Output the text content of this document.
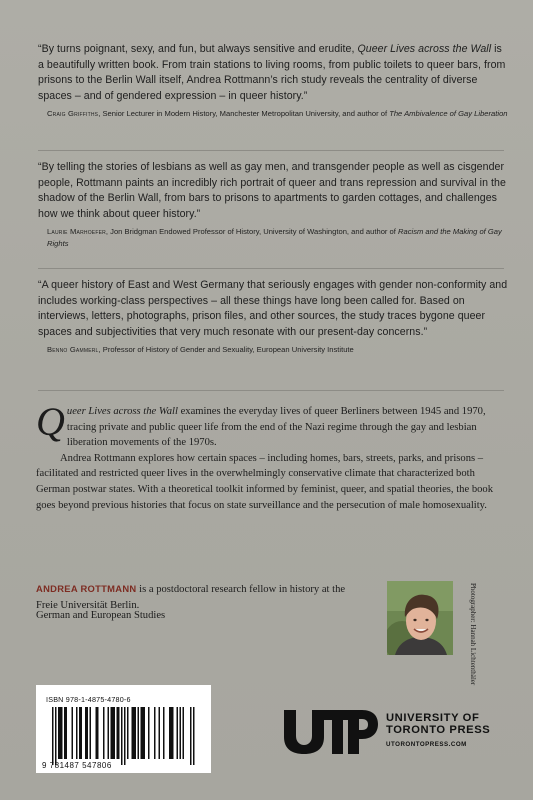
“By turns poignant, sexy, and fun, but always sensitive and erudite, Queer Lives across the Wall is a beautifully written book. From train stations to living rooms, from public toilets to queer bars, from prisons to the Berlin Wall itself, Andrea Rottmann’s rich study reveals the centrality of diverse spaces – and of gendered expression – in queer history.”

Craig Griffiths, Senior Lecturer in Modern History, Manchester Metropolitan University, and author of The Ambivalence of Gay Liberation

“By telling the stories of lesbians as well as gay men, and transgender people as well as cisgender people, Rottmann paints an incredibly rich portrait of queer and trans repression and survival in the shadow of the Berlin Wall, from bars to prisons to apartments to garden cottages, and challenges how we think about queer history.”

Laurie Marhoefer, Jon Bridgman Endowed Professor of History, University of Washington, and author of Racism and the Making of Gay Rights

“A queer history of East and West Germany that seriously engages with gender non-conformity and includes working-class perspectives – all these things have long been called for. Based on interviews, letters, photographs, prison files, and other sources, the study traces bygone queer spaces and subjectivities that very much resonate with our present-day concerns.”

Benno Gammerl, Professor of History of Gender and Sexuality, European University Institute

Queer Lives across the Wall examines the everyday lives of queer Berliners between 1945 and 1970, tracing private and public queer life from the end of the Nazi regime through the gay and lesbian liberation movements of the 1970s.

Andrea Rottmann explores how certain spaces – including homes, bars, streets, parks, and prisons – facilitated and restricted queer lives in the overwhelmingly conservative climate that characterized both German postwar states. With a theoretical toolkit informed by feminist, queer, and spatial theories, the book goes beyond previous histories that focus on state surveillance and the persecution of male homosexuality.

ANDREA ROTTMANN is a postdoctoral research fellow in history at the Freie Universität Berlin.
German and European Studies	Photographer: Hannah Lichtenthäler
ISBN 978-1-4875-4780-6
9 781487 547806
UNIVERSITY OF
TORONTO PRESS
UTORONTOPRESS.COM
